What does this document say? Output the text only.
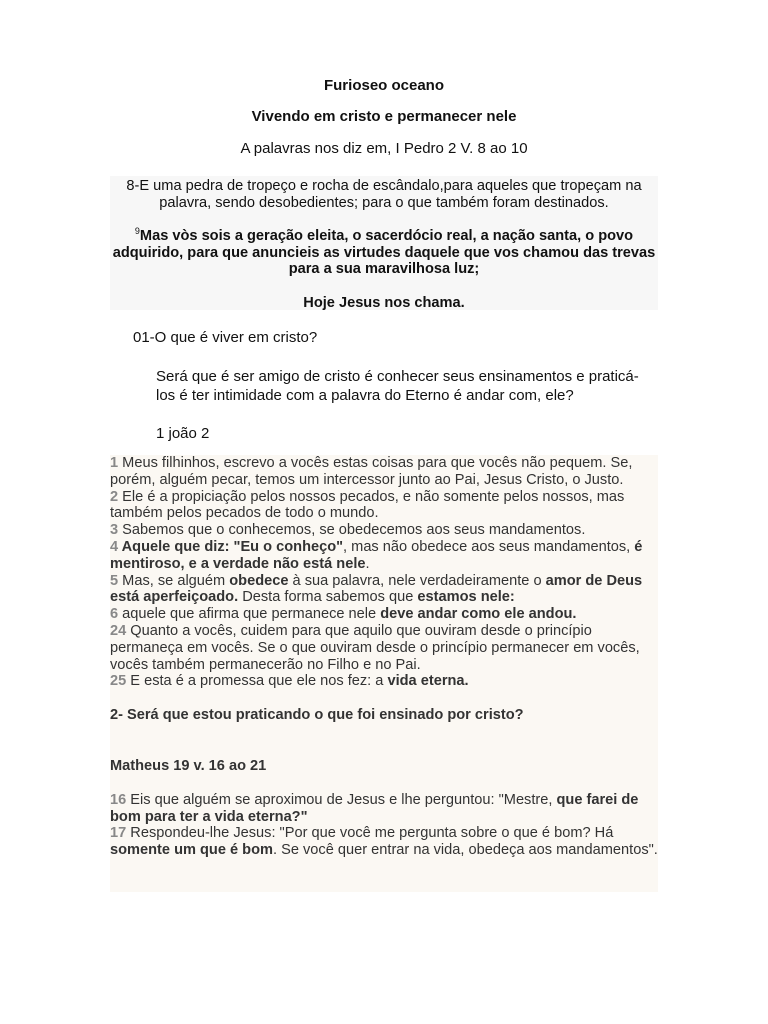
Furioseo oceano
Vivendo em cristo e permanecer nele
A palavras nos diz em, I Pedro 2 V. 8 ao 10

8-E uma pedra de tropeço e rocha de escândalo,para aqueles que tropeçam na palavra, sendo desobedientes; para o que também foram destinados.

$^9$Mas vòs sois a geração eleita, o sacerdócio real, a nação santa, o povo adquirido, para que anuncieis as virtudes daquele que vos chamou das trevas para a sua maravilhosa luz;

Hoje Jesus nos chama.

01-O que é viver em cristo?
Será que é ser amigo de cristo é conhecer seus ensinamentos e praticá-los é ter intimidade com a palavra do Eterno é andar com, ele?
1 joão 2

1 Meus filhinhos, escrevo a vocês estas coisas para que vocês não pequem. Se, porém, alguém pecar, temos um intercessor junto ao Pai, Jesus Cristo, o Justo.

2 Ele é a propiciação pelos nossos pecados, e não somente pelos nossos, mas também pelos pecados de todo o mundo.

3 Sabemos que o conhecemos, se obedecemos aos seus mandamentos.

4 Aquele que diz: "Eu o conheço", mas não obedece aos seus mandamentos, é mentiroso, e a verdade não está nele.

5 Mas, se alguém obedece à sua palavra, nele verdadeiramente o amor de Deus está aperfeiçoado. Desta forma sabemos que estamos nele:

6 aquele que afirma que permanece nele deve andar como ele andou.

24 Quanto a vocês, cuidem para que aquilo que ouviram desde o princípio permaneça em vocês. Se o que ouviram desde o princípio permanecer em vocês, vocês também permanecerão no Filho e no Pai.

25 E esta é a promessa que ele nos fez: a vida eterna.

2- Será que estou praticando o que foi ensinado por cristo?

Matheus 19 v. 16 ao 21

16 Eis que alguém se aproximou de Jesus e lhe perguntou: "Mestre, que farei de bom para ter a vida eterna?"

17 Respondeu-lhe Jesus: "Por que você me pergunta sobre o que é bom? Há somente um que é bom. Se você quer entrar na vida, obedeça aos mandamentos".
